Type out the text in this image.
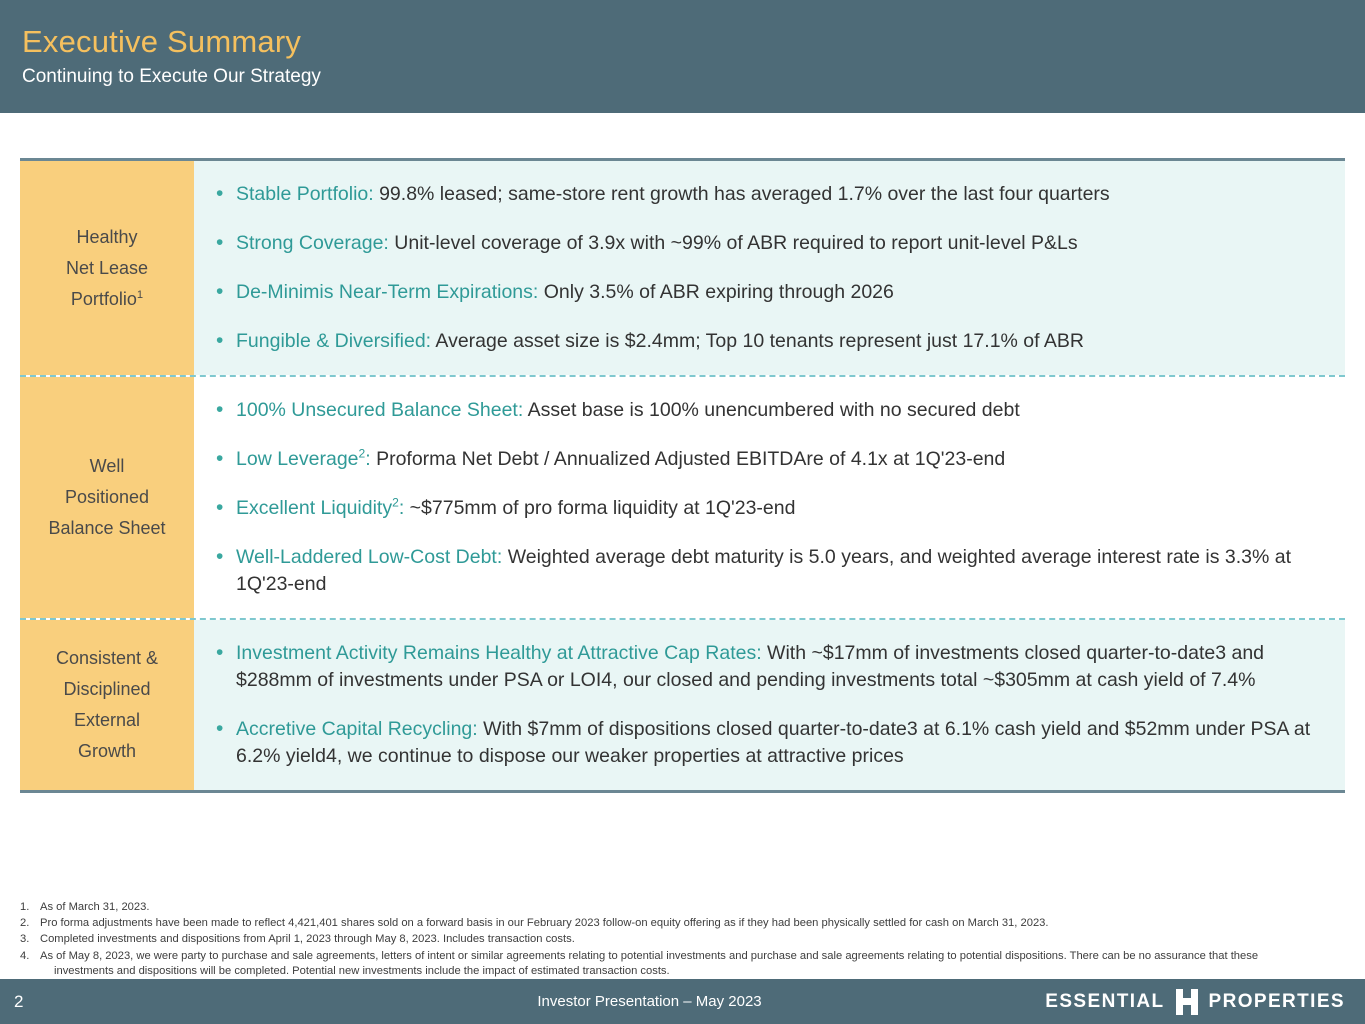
Executive Summary
Continuing to Execute Our Strategy
Healthy
Net Lease
Portfolio$^1$
• Stable Portfolio: 99.8% leased; same-store rent growth has averaged 1.7% over the last four quarters
• Strong Coverage: Unit-level coverage of 3.9x with ~99% of ABR required to report unit-level P&Ls
• De-Minimis Near-Term Expirations: Only 3.5% of ABR expiring through 2026
• Fungible & Diversified: Average asset size is $2.4mm; Top 10 tenants represent just 17.1% of ABR
Well
Positioned
Balance Sheet
• 100% Unsecured Balance Sheet: Asset base is 100% unencumbered with no secured debt
• Low Leverage$^2$: Proforma Net Debt / Annualized Adjusted EBITDAre of 4.1x at 1Q'23-end
• Excellent Liquidity$^2$: ~$775mm of pro forma liquidity at 1Q'23-end
• Well-Laddered Low-Cost Debt: Weighted average debt maturity is 5.0 years, and weighted average interest rate is 3.3% at 1Q'23-end
Consistent &
Disciplined
External
Growth
• Investment Activity Remains Healthy at Attractive Cap Rates: With ~$17mm of investments closed quarter-to-date3 and $288mm of investments under PSA or LOI4, our closed and pending investments total ~$305mm at cash yield of 7.4%
• Accretive Capital Recycling: With $7mm of dispositions closed quarter-to-date3 at 6.1% cash yield and $52mm under PSA at 6.2% yield4, we continue to dispose our weaker properties at attractive prices
1. As of March 31, 2023.
2. Pro forma adjustments have been made to reflect 4,421,401 shares sold on a forward basis in our February 2023 follow-on equity offering as if they had been physically settled for cash on March 31, 2023.
3. Completed investments and dispositions from April 1, 2023 through May 8, 2023. Includes transaction costs.
4. As of May 8, 2023, we were party to purchase and sale agreements, letters of intent or similar agreements relating to potential investments and purchase and sale agreements relating to potential dispositions. There can be no assurance that these
investments and dispositions will be completed. Potential new investments include the impact of estimated transaction costs.
2	Investor Presentation – May 2023	ESSENTIAL PROPERTIES
